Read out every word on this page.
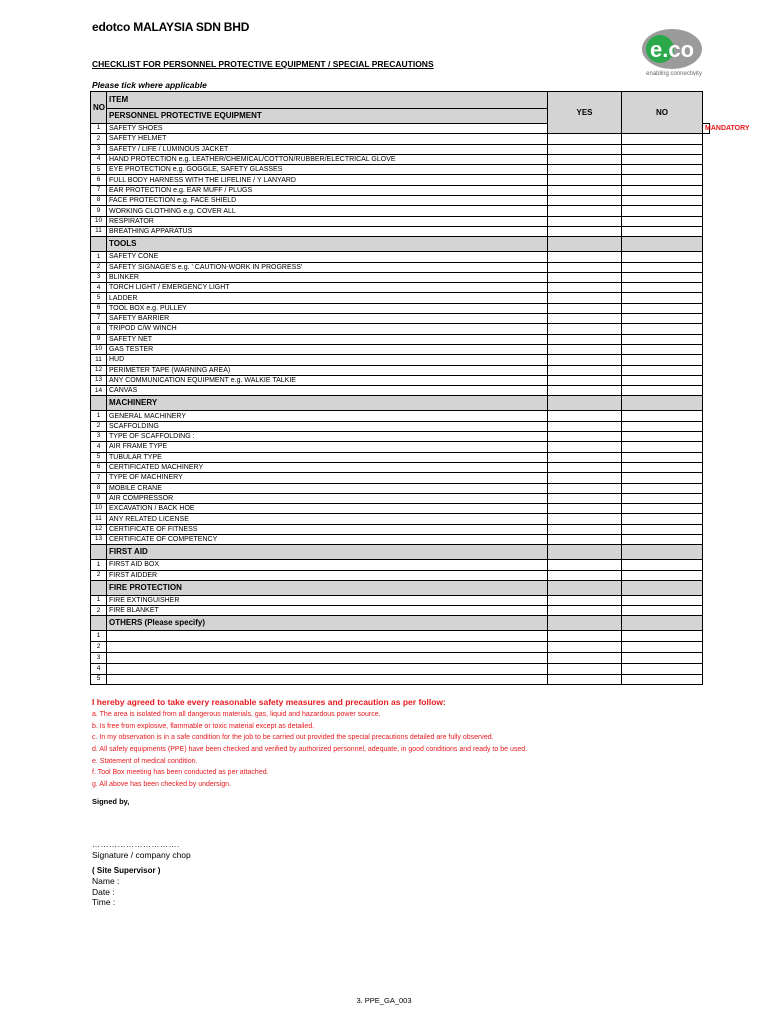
edotco MALAYSIA SDN BHD
e.co
enabling connectivity
CHECKLIST FOR PERSONNEL PROTECTIVE EQUIPMENT / SPECIAL PRECAUTIONS
Please tick where applicable
NO	ITEM	YES	NO	
	PERSONNEL PROTECTIVE EQUIPMENT			
1	SAFETY SHOES			MANDATORY
2	SAFETY HELMET			
3	SAFETY / LIFE / LUMINOUS JACKET			
4	HAND PROTECTION e.g. LEATHER/CHEMICAL/COTTON/RUBBER/ELECTRICAL GLOVE			
5	EYE PROTECTION e.g. GOGGLE, SAFETY GLASSES			
6	FULL BODY HARNESS WITH THE LIFELINE / Y LANYARD			
7	EAR PROTECTION e.g. EAR MUFF / PLUGS			
8	FACE PROTECTION e.g. FACE SHIELD			
9	WORKING CLOTHING e.g. COVER ALL			
10	RESPIRATOR			
11	BREATHING APPARATUS			
	TOOLS			
1	SAFETY CONE			
2	SAFETY SIGNAGE'S e.g. ' CAUTION-WORK IN PROGRESS'			
3	BLINKER			
4	TORCH LIGHT / EMERGENCY LIGHT			
5	LADDER			
6	TOOL BOX e.g. PULLEY			
7	SAFETY BARRIER			
8	TRIPOD C/W WINCH			
9	SAFETY NET			
10	GAS TESTER			
11	HUD			
12	PERIMETER TAPE (WARNING AREA)			
13	ANY COMMUNICATION EQUIPMENT e.g. WALKIE TALKIE			
14	CANVAS			
	MACHINERY			
1	GENERAL MACHINERY			
2	SCAFFOLDING			
3	TYPE OF SCAFFOLDING :			
4	AIR FRAME TYPE			
5	TUBULAR TYPE			
6	CERTIFICATED MACHINERY			
7	TYPE OF MACHINERY			
8	MOBILE CRANE			
9	AIR COMPRESSOR			
10	EXCAVATION / BACK HOE			
11	ANY RELATED LICENSE			
12	CERTIFICATE OF FITNESS			
13	CERTIFICATE OF COMPETENCY			
	FIRST AID			
1	FIRST AID BOX			
2	FIRST AIDDER			
	FIRE PROTECTION			
1	FIRE EXTINGUISHER			
2	FIRE BLANKET			
	OTHERS (Please specify)			
1				
2				
3				
4				
5				
I hereby agreed to take every reasonable safety measures and precaution as per follow:
a. The area is isolated from all dangerous materials, gas, liquid and hazardous power source.
b. Is free from explosive, flammable or toxic material except as detailed.
c. In my observation is in a safe condition for the job to be carried out provided the special precautions detailed are fully observed.
d. All safety equipments (PPE) have been checked and verified by authorized personnel, adequate, in good conditions and ready to be used.
e. Statement of medical condition.
f. Tool Box meeting has been conducted as per attached.
g. All above has been checked by undersign.
Signed by,
………………………….
Signature / company chop
( Site Supervisor )
Name :
Date :
Time :
3. PPE_GA_003
